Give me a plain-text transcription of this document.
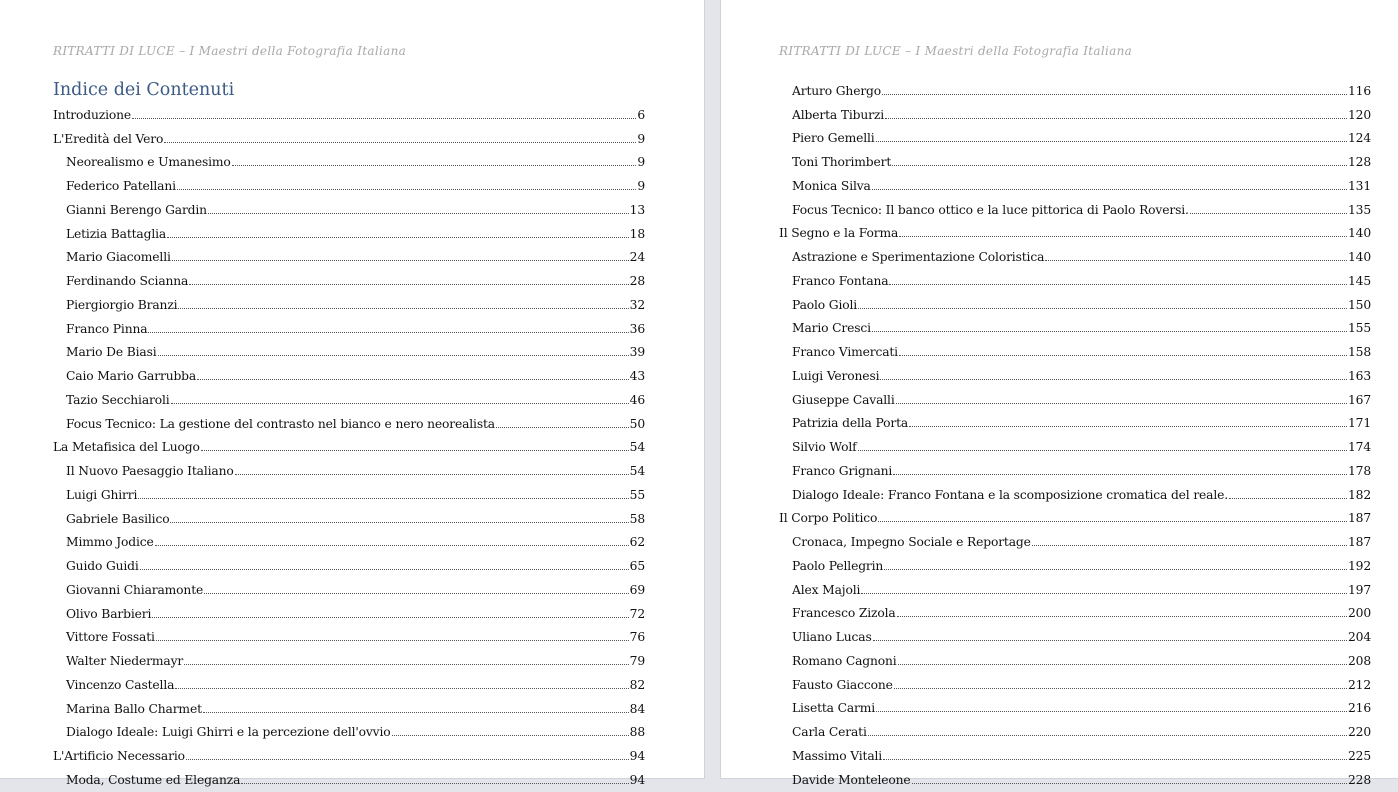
RITRATTI DI LUCE – I Maestri della Fotografia Italiana
Indice dei Contenuti
Introduzione	6
L'Eredità del Vero	9
Neorealismo e Umanesimo	9
Federico Patellani	9
Gianni Berengo Gardin	13
Letizia Battaglia	18
Mario Giacomelli	24
Ferdinando Scianna	28
Piergiorgio Branzi	32
Franco Pinna	36
Mario De Biasi	39
Caio Mario Garrubba	43
Tazio Secchiaroli	46
Focus Tecnico: La gestione del contrasto nel bianco e nero neorealista	50
La Metafisica del Luogo	54
Il Nuovo Paesaggio Italiano	54
Luigi Ghirri	55
Gabriele Basilico	58
Mimmo Jodice	62
Guido Guidi	65
Giovanni Chiaramonte	69
Olivo Barbieri	72
Vittore Fossati	76
Walter Niedermayr	79
Vincenzo Castella	82
Marina Ballo Charmet	84
Dialogo Ideale: Luigi Ghirri e la percezione dell'ovvio	88
L'Artificio Necessario	94
Moda, Costume ed Eleganza	94
RITRATTI DI LUCE – I Maestri della Fotografia Italiana
Arturo Ghergo	116
Alberta Tiburzi	120
Piero Gemelli	124
Toni Thorimbert	128
Monica Silva	131
Focus Tecnico: Il banco ottico e la luce pittorica di Paolo Roversi.	135
Il Segno e la Forma	140
Astrazione e Sperimentazione Coloristica	140
Franco Fontana	145
Paolo Gioli	150
Mario Cresci	155
Franco Vimercati	158
Luigi Veronesi	163
Giuseppe Cavalli	167
Patrizia della Porta	171
Silvio Wolf	174
Franco Grignani	178
Dialogo Ideale: Franco Fontana e la scomposizione cromatica del reale.	182
Il Corpo Politico	187
Cronaca, Impegno Sociale e Reportage	187
Paolo Pellegrin	192
Alex Majoli	197
Francesco Zizola	200
Uliano Lucas	204
Romano Cagnoni	208
Fausto Giaccone	212
Lisetta Carmi	216
Carla Cerati	220
Massimo Vitali	225
Davide Monteleone	228
